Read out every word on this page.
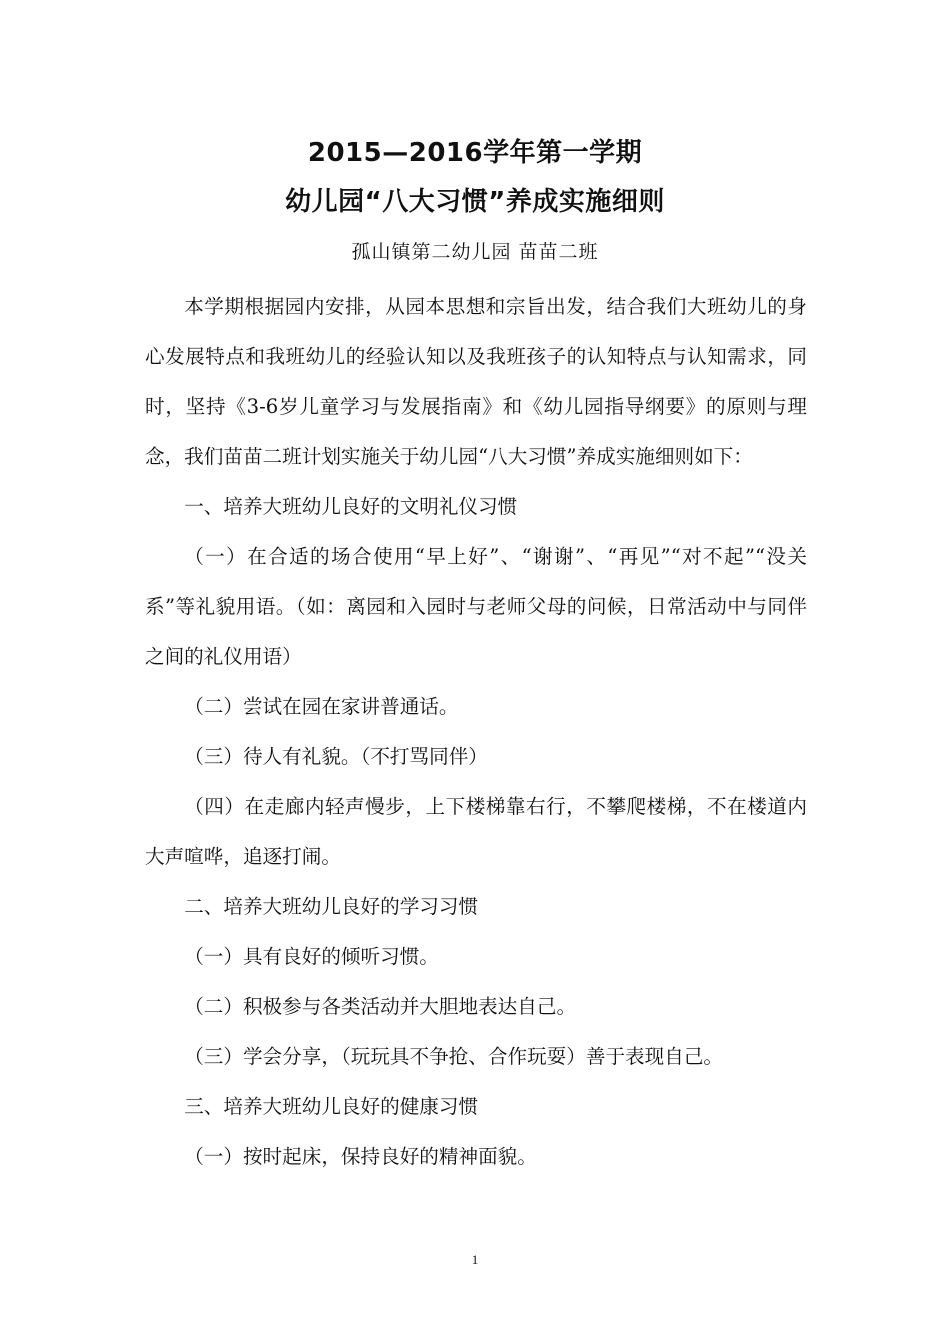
2015—2016学年第一学期
幼儿园“八大习惯”养成实施细则
孤山镇第二幼儿园 苗苗二班

本学期根据园内安排，从园本思想和宗旨出发，结合我们大班幼儿的身心发展特点和我班幼儿的经验认知以及我班孩子的认知特点与认知需求，同时，坚持《3-6岁儿童学习与发展指南》和《幼儿园指导纲要》的原则与理念，我们苗苗二班计划实施关于幼儿园“八大习惯”养成实施细则如下：

一、培养大班幼儿良好的文明礼仪习惯

（一）在合适的场合使用“早上好”、“谢谢”、“再见”“对不起”“没关系”等礼貌用语。（如：离园和入园时与老师父母的问候，日常活动中与同伴之间的礼仪用语）

（二）尝试在园在家讲普通话。

（三）待人有礼貌。（不打骂同伴）

（四）在走廊内轻声慢步，上下楼梯靠右行，不攀爬楼梯，不在楼道内大声喧哗，追逐打闹。

二、培养大班幼儿良好的学习习惯

（一）具有良好的倾听习惯。

（二）积极参与各类活动并大胆地表达自己。

（三）学会分享，（玩玩具不争抢、合作玩耍）善于表现自己。

三、培养大班幼儿良好的健康习惯

（一）按时起床，保持良好的精神面貌。

1
